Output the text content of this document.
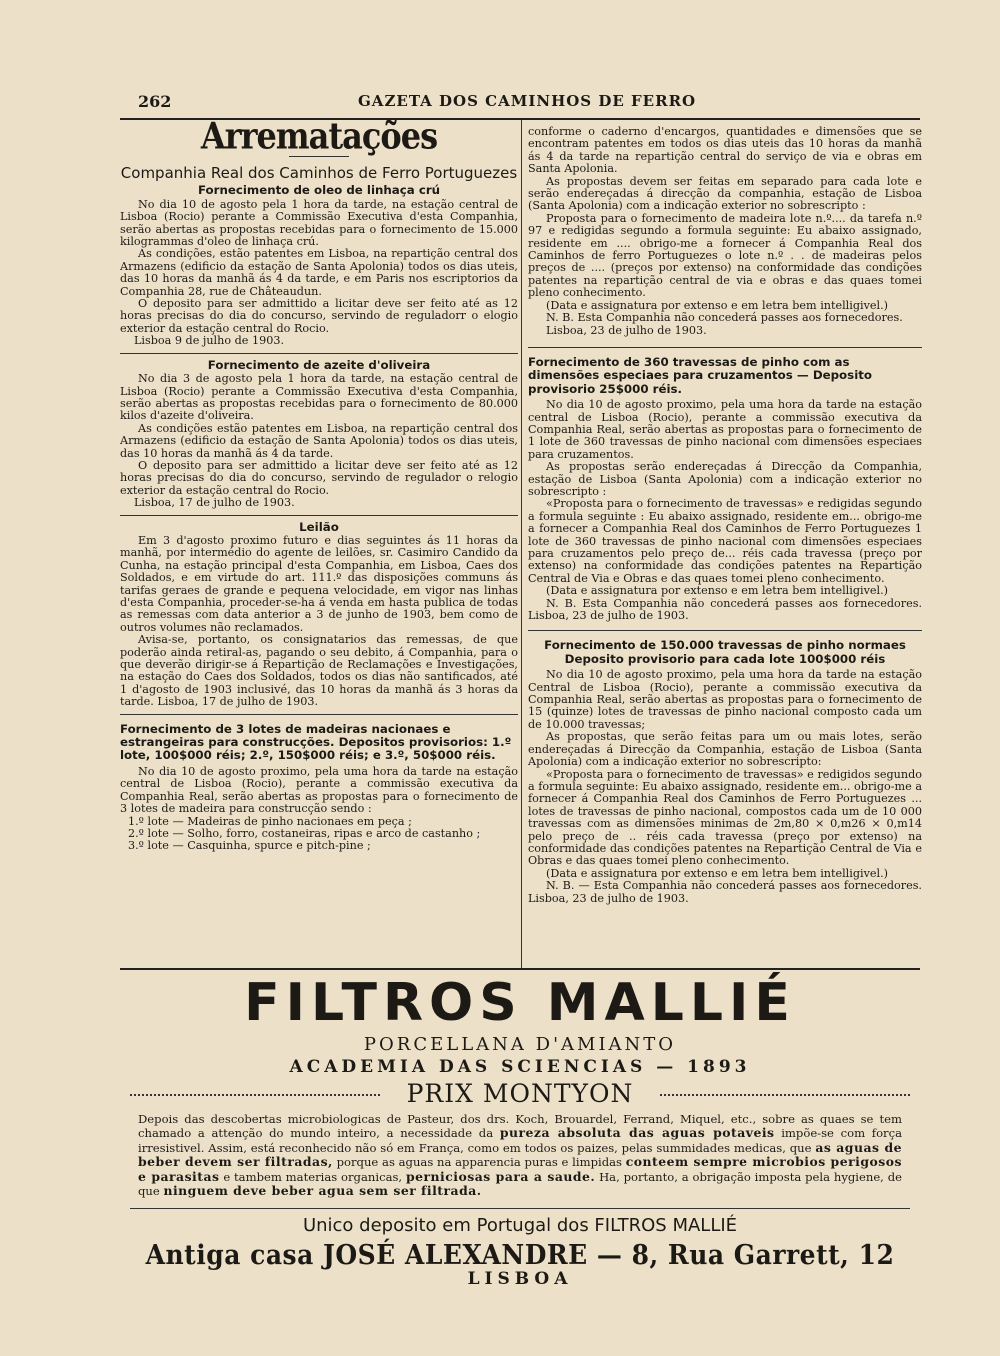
262	GAZETA DOS CAMINHOS DE FERRO
Arrematações
Companhia Real dos Caminhos de Ferro Portuguezes
Fornecimento de oleo de linhaça crú

No dia 10 de agosto pela 1 hora da tarde, na estação central de Lisboa (Rocio) perante a Commissão Executiva d'esta Companhia, serão abertas as propostas recebidas para o fornecimento de 15.000 kilogrammas d'oleo de linhaça crú.

As condições, estão patentes em Lisboa, na repartição central dos Armazens (edificio da estação de Santa Apolonia) todos os dias uteis, das 10 horas da manhã ás 4 da tarde, e em Paris nos escriptorios da Companhia 28, rue de Châteaudun.

O deposito para ser admittido a licitar deve ser feito até as 12 horas precisas do dia do concurso, servindo de reguladorr o elogio exterior da estação central do Rocio.

Lisboa 9 de julho de 1903.

Fornecimento de azeite d'oliveira

No dia 3 de agosto pela 1 hora da tarde, na estação central de Lisboa (Rocio) perante a Commissão Executiva d'esta Companhia, serão abertas as propostas recebidas para o fornecimento de 80.000 kilos d'azeite d'oliveira.

As condições estão patentes em Lisboa, na repartição central dos Armazens (edificio da estação de Santa Apolonia) todos os dias uteis, das 10 horas da manhã ás 4 da tarde.

O deposito para ser admittido a licitar deve ser feito até as 12 horas precisas do dia do concurso, servindo de regulador o relogio exterior da estação central do Rocio.

Lisboa, 17 de julho de 1903.

Leilão

Em 3 d'agosto proximo futuro e dias seguintes ás 11 horas da manhã, por intermédio do agente de leilões, sr. Casimiro Candido da Cunha, na estação principal d'esta Companhia, em Lisboa, Caes dos Soldados, e em virtude do art. 111.º das disposições communs ás tarifas geraes de grande e pequena velocidade, em vigor nas linhas d'esta Companhia, proceder-se-ha á venda em hasta publica de todas as remessas com data anterior a 3 de junho de 1903, bem como de outros volumes não reclamados.

Avisa-se, portanto, os consignatarios das remessas, de que poderão ainda retiral-as, pagando o seu debito, á Companhia, para o que deverão dirigir-se á Repartição de Reclamações e Investigações, na estação do Caes dos Soldados, todos os dias não santificados, até 1 d'agosto de 1903 inclusivé, das 10 horas da manhã ás 3 horas da tarde. Lisboa, 17 de julho de 1903.

Fornecimento de 3 lotes de madeiras nacionaes e estrangeiras para construcções. Depositos provisorios: 1.º lote, 100$000 réis; 2.º, 150$000 réis; e 3.º, 50$000 réis.

No dia 10 de agosto proximo, pela uma hora da tarde na estação central de Lisboa (Rocio), perante a commissão executiva da Companhia Real, serão abertas as propostas para o fornecimento de 3 lotes de madeira para construcção sendo :

1.º lote — Madeiras de pinho nacionaes em peça ;

2.º lote — Solho, forro, costaneiras, ripas e arco de castanho ;

3.º lote — Casquinha, spurce e pitch-pine ;

conforme o caderno d'encargos, quantidades e dimensões que se encontram patentes em todos os dias uteis das 10 horas da manhã ás 4 da tarde na repartição central do serviço de via e obras em Santa Apolonia.

As propostas devem ser feitas em separado para cada lote e serão endereçadas á direcção da companhia, estação de Lisboa (Santa Apolonia) com a indicação exterior no sobrescripto :

Proposta para o fornecimento de madeira lote n.º.... da tarefa n.º 97 e redigidas segundo a formula seguinte: Eu abaixo assignado, residente em .... obrigo-me a fornecer á Companhia Real dos Caminhos de ferro Portuguezes o lote n.º . . de madeiras pelos preços de .... (preços por extenso) na conformidade das condições patentes na repartição central de via e obras e das quaes tomei pleno conhecimento.

(Data e assignatura por extenso e em letra bem intelligivel.)

N. B. Esta Companhia não concederá passes aos fornecedores.

Lisboa, 23 de julho de 1903.

Fornecimento de 360 travessas de pinho com as dimensões especiaes para cruzamentos — Deposito provisorio 25$000 réis.

No dia 10 de agosto proximo, pela uma hora da tarde na estação central de Lisboa (Rocio), perante a commissão executiva da Companhia Real, serão abertas as propostas para o fornecimento de 1 lote de 360 travessas de pinho nacional com dimensões especiaes para cruzamentos.

As propostas serão endereçadas á Direcção da Companhia, estação de Lisboa (Santa Apolonia) com a indicação exterior no sobrescripto :

«Proposta para o fornecimento de travessas» e redigidas segundo a formula seguinte : Eu abaixo assignado, residente em... obrigo-me a fornecer a Companhia Real dos Caminhos de Ferro Portuguezes 1 lote de 360 travessas de pinho nacional com dimensões especiaes para cruzamentos pelo preço de... réis cada travessa (preço por extenso) na conformidade das condições patentes na Repartição Central de Via e Obras e das quaes tomei pleno conhecimento.

(Data e assignatura por extenso e em letra bem intelligivel.)

N. B. Esta Companhia não concederá passes aos fornecedores. Lisboa, 23 de julho de 1903.

Fornecimento de 150.000 travessas de pinho normaes Deposito provisorio para cada lote 100$000 réis

No dia 10 de agosto proximo, pela uma hora da tarde na estação Central de Lisboa (Rocio), perante a commissão executiva da Companhia Real, serão abertas as propostas para o fornecimento de 15 (quinze) lotes de travessas de pinho nacional composto cada um de 10.000 travessas;

As propostas, que serão feitas para um ou mais lotes, serão endereçadas á Direcção da Companhia, estação de Lisboa (Santa Apolonia) com a indicação exterior no sobrescripto:

«Proposta para o fornecimento de travessas» e redigidos segundo a formula seguinte: Eu abaixo assignado, residente em... obrigo-me a fornecer á Companhia Real dos Caminhos de Ferro Portuguezes ... lotes de travessas de pinho nacional, compostos cada um de 10 000 travessas com as dimensões minimas de 2m,80 × 0,m26 × 0,m14 pelo preço de .. réis cada travessa (preço por extenso) na conformidade das condições patentes na Repartição Central de Via e Obras e das quaes tomei pleno conhecimento.

(Data e assignatura por extenso e em letra bem intelligivel.)

N. B. — Esta Companhia não concederá passes aos fornecedores. Lisboa, 23 de julho de 1903.

FILTROS MALLIÉ
PORCELLANA D'AMIANTO
ACADEMIA DAS SCIENCIAS — 1893
PRIX MONTYON
Depois das descobertas microbiologicas de Pasteur, dos drs. Koch, Brouardel, Ferrand, Miquel, etc., sobre as quaes se tem chamado a attenção do mundo inteiro, a necessidade da pureza absoluta das aguas potaveis impõe-se com força irresistivel. Assim, está reconhecido não só em França, como em todos os paizes, pelas summidades medicas, que as aguas de beber devem ser filtradas, porque as aguas na apparencia puras e limpidas conteem sempre microbios perigosos e parasitas e tambem materias organicas, perniciosas para a saude. Ha, portanto, a obrigação imposta pela hygiene, de que ninguem deve beber agua sem ser filtrada.
Unico deposito em Portugal dos FILTROS MALLIÉ
Antiga casa JOSÉ ALEXANDRE — 8, Rua Garrett, 12
LISBOA
